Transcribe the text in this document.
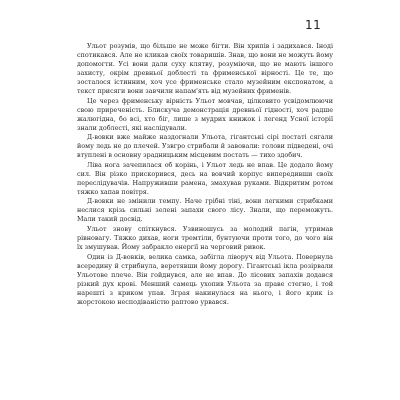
11

Ульот розумів, що більше не може бігти. Він хрипів і задихався. Іноді спотикався. Але не кликав своїх товаришів. Знав, що вони не можуть йому допомогти. Усі вони дали суху клятву, розуміючи, що не мають іншого захисту, окрім древньої доблесті та фрименської вірності. Це те, що зосталося істинним, хоч усе фрименське стало музейним експонатом, а текст присяги вони завчили напам'ять від музейних фрименів.

Це через фрименську вірність Ульот мовчав, цілковито усвідомлюючи свою приреченість. Блискуча демонстрація древньої гідності, хоч радше жалюгідна, бо всі, хто біг, лише з мудрих книжок і легенд Усної історії знали доблесті, які наслідували.

Д-вовки вже майже наздогнали Ульота, гігантські сірі постаті сягали йому ледь не до плечей. Узвгро стрибали й завовали: голови підведені, очі втуплені в основну зрадницьким місцевим постать — тихо здобич.

Ліва нога зачепилася об корінь, і Ульот ледь не впав. Це додало йому сил. Він різко прискорився, десь на вовчий корпус випередивши своїх переслідувачів. Напруживши рамена, змахував руками. Відкритим ротом тяжко хапав повітря.

Д-вовки не змінили темпу. Наче грібні тіні, вони легкими стрибками неслися крізь сильні зелені запахи свого лісу. Знали, що переможуть. Мали такий досвід.

Ульот знову спіткнувся. Узвиношусь за молодий пагін, утримав рівновагу. Тяжко дихав, ноги тремтіли, бунтуючи проти того, до чого він їх змушував. Йому забракло енергії на черговий ривок.

Один із Д-вовків, велика самка, забігла ліворуч від Ульота. Повернула всередину й стрибнула, веретявши йому дорогу. Гігантські ікла розірвали Ульотове плече. Він гойднувся, але не впав. До лісових запахів додався різкий дух крові. Менший самець ухопив Ульота за праве стегно, і той нарешті з криком упав. Зграя накинулася на нього, і його крик із жорстокою несподіваністю раптово урвався.
